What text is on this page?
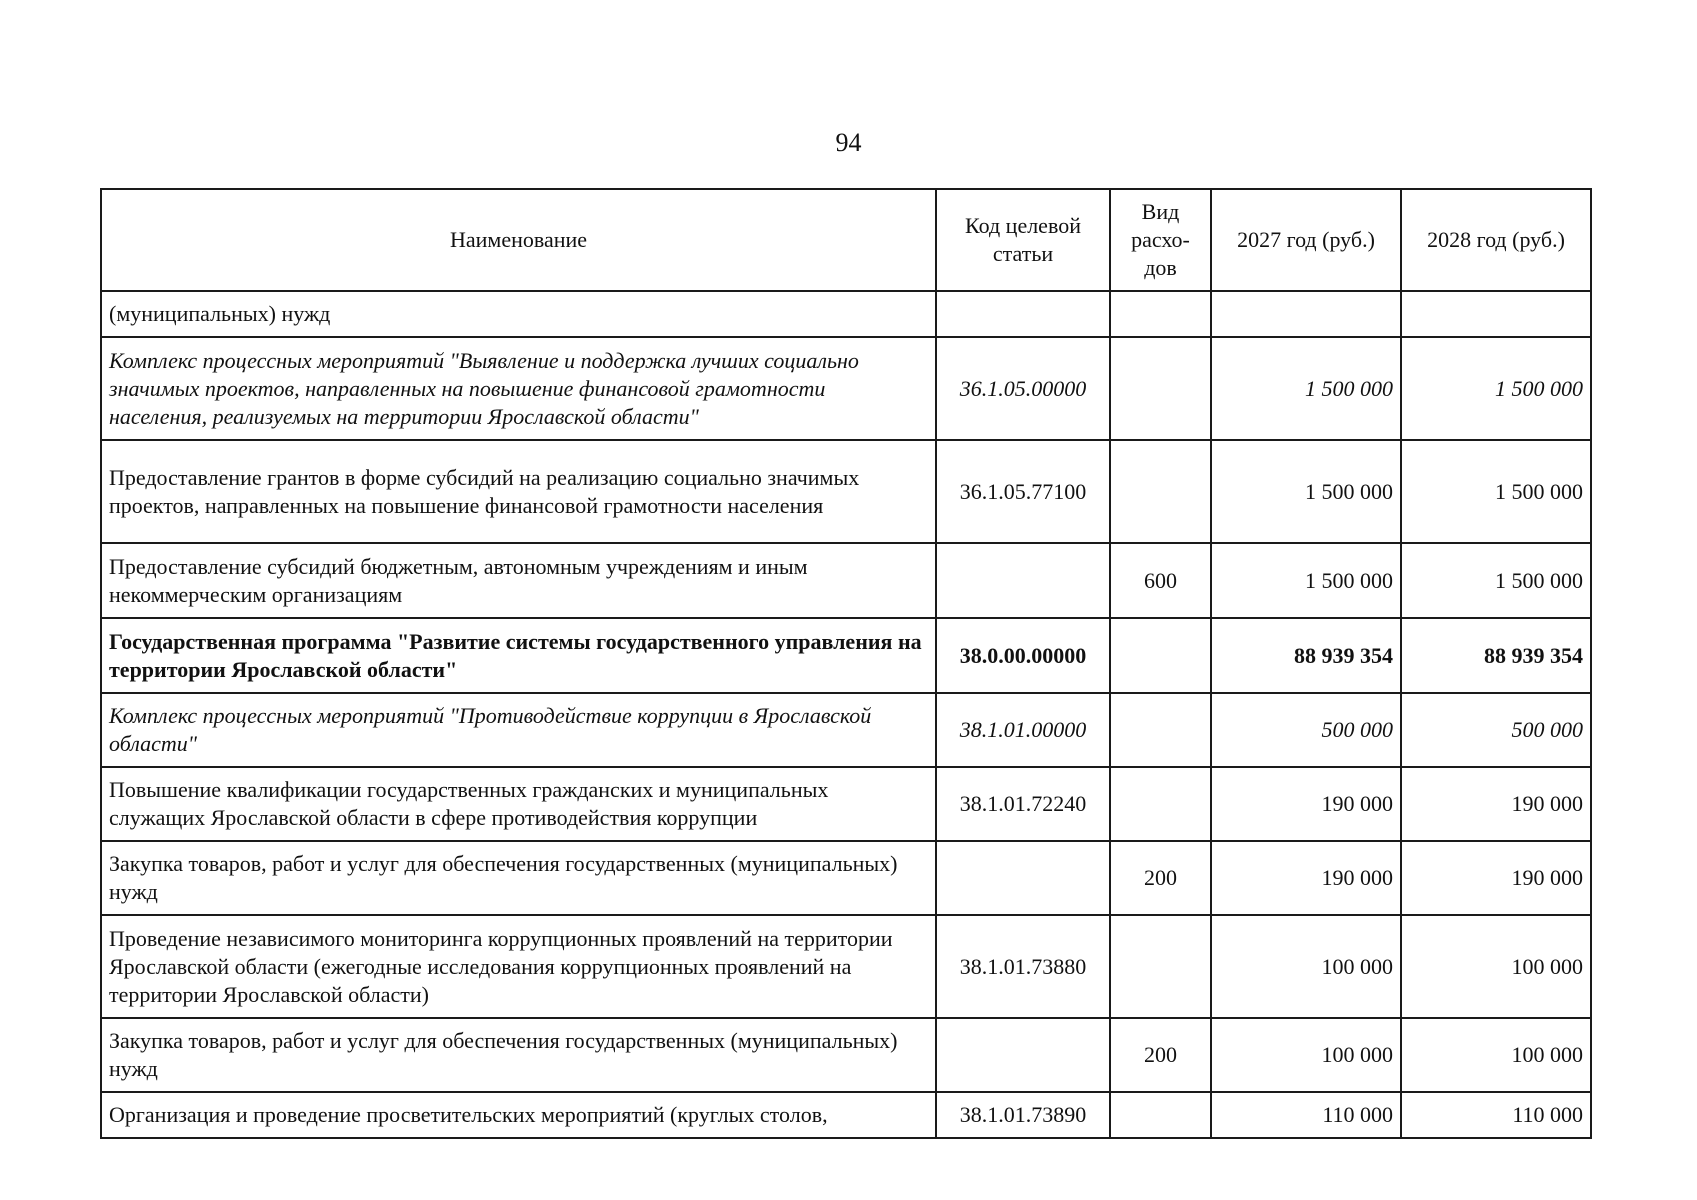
94
Наименование	Код целевой статьи	Вид расхо-дов	2027 год (руб.)	2028 год (руб.)
(муниципальных) нужд				
Комплекс процессных мероприятий "Выявление и поддержка лучших социально значимых проектов, направленных на повышение финансовой грамотности населения, реализуемых на территории Ярославской области"	36.1.05.00000		1 500 000	1 500 000
Предоставление грантов в форме субсидий на реализацию социально значимых проектов, направленных на повышение финансовой грамотности населения	36.1.05.77100		1 500 000	1 500 000
Предоставление субсидий бюджетным, автономным учреждениям и иным некоммерческим организациям		600	1 500 000	1 500 000
Государственная программа "Развитие системы государственного управления на территории Ярославской области"	38.0.00.00000		88 939 354	88 939 354
Комплекс процессных мероприятий "Противодействие коррупции в Ярославской области"	38.1.01.00000		500 000	500 000
Повышение квалификации государственных гражданских и муниципальных служащих Ярославской области в сфере противодействия коррупции	38.1.01.72240		190 000	190 000
Закупка товаров, работ и услуг для обеспечения государственных (муниципальных) нужд		200	190 000	190 000
Проведение независимого мониторинга коррупционных проявлений на территории Ярославской области (ежегодные исследования коррупционных проявлений на территории Ярославской области)	38.1.01.73880		100 000	100 000
Закупка товаров, работ и услуг для обеспечения государственных (муниципальных) нужд		200	100 000	100 000
Организация и проведение просветительских мероприятий (круглых столов,	38.1.01.73890		110 000	110 000
